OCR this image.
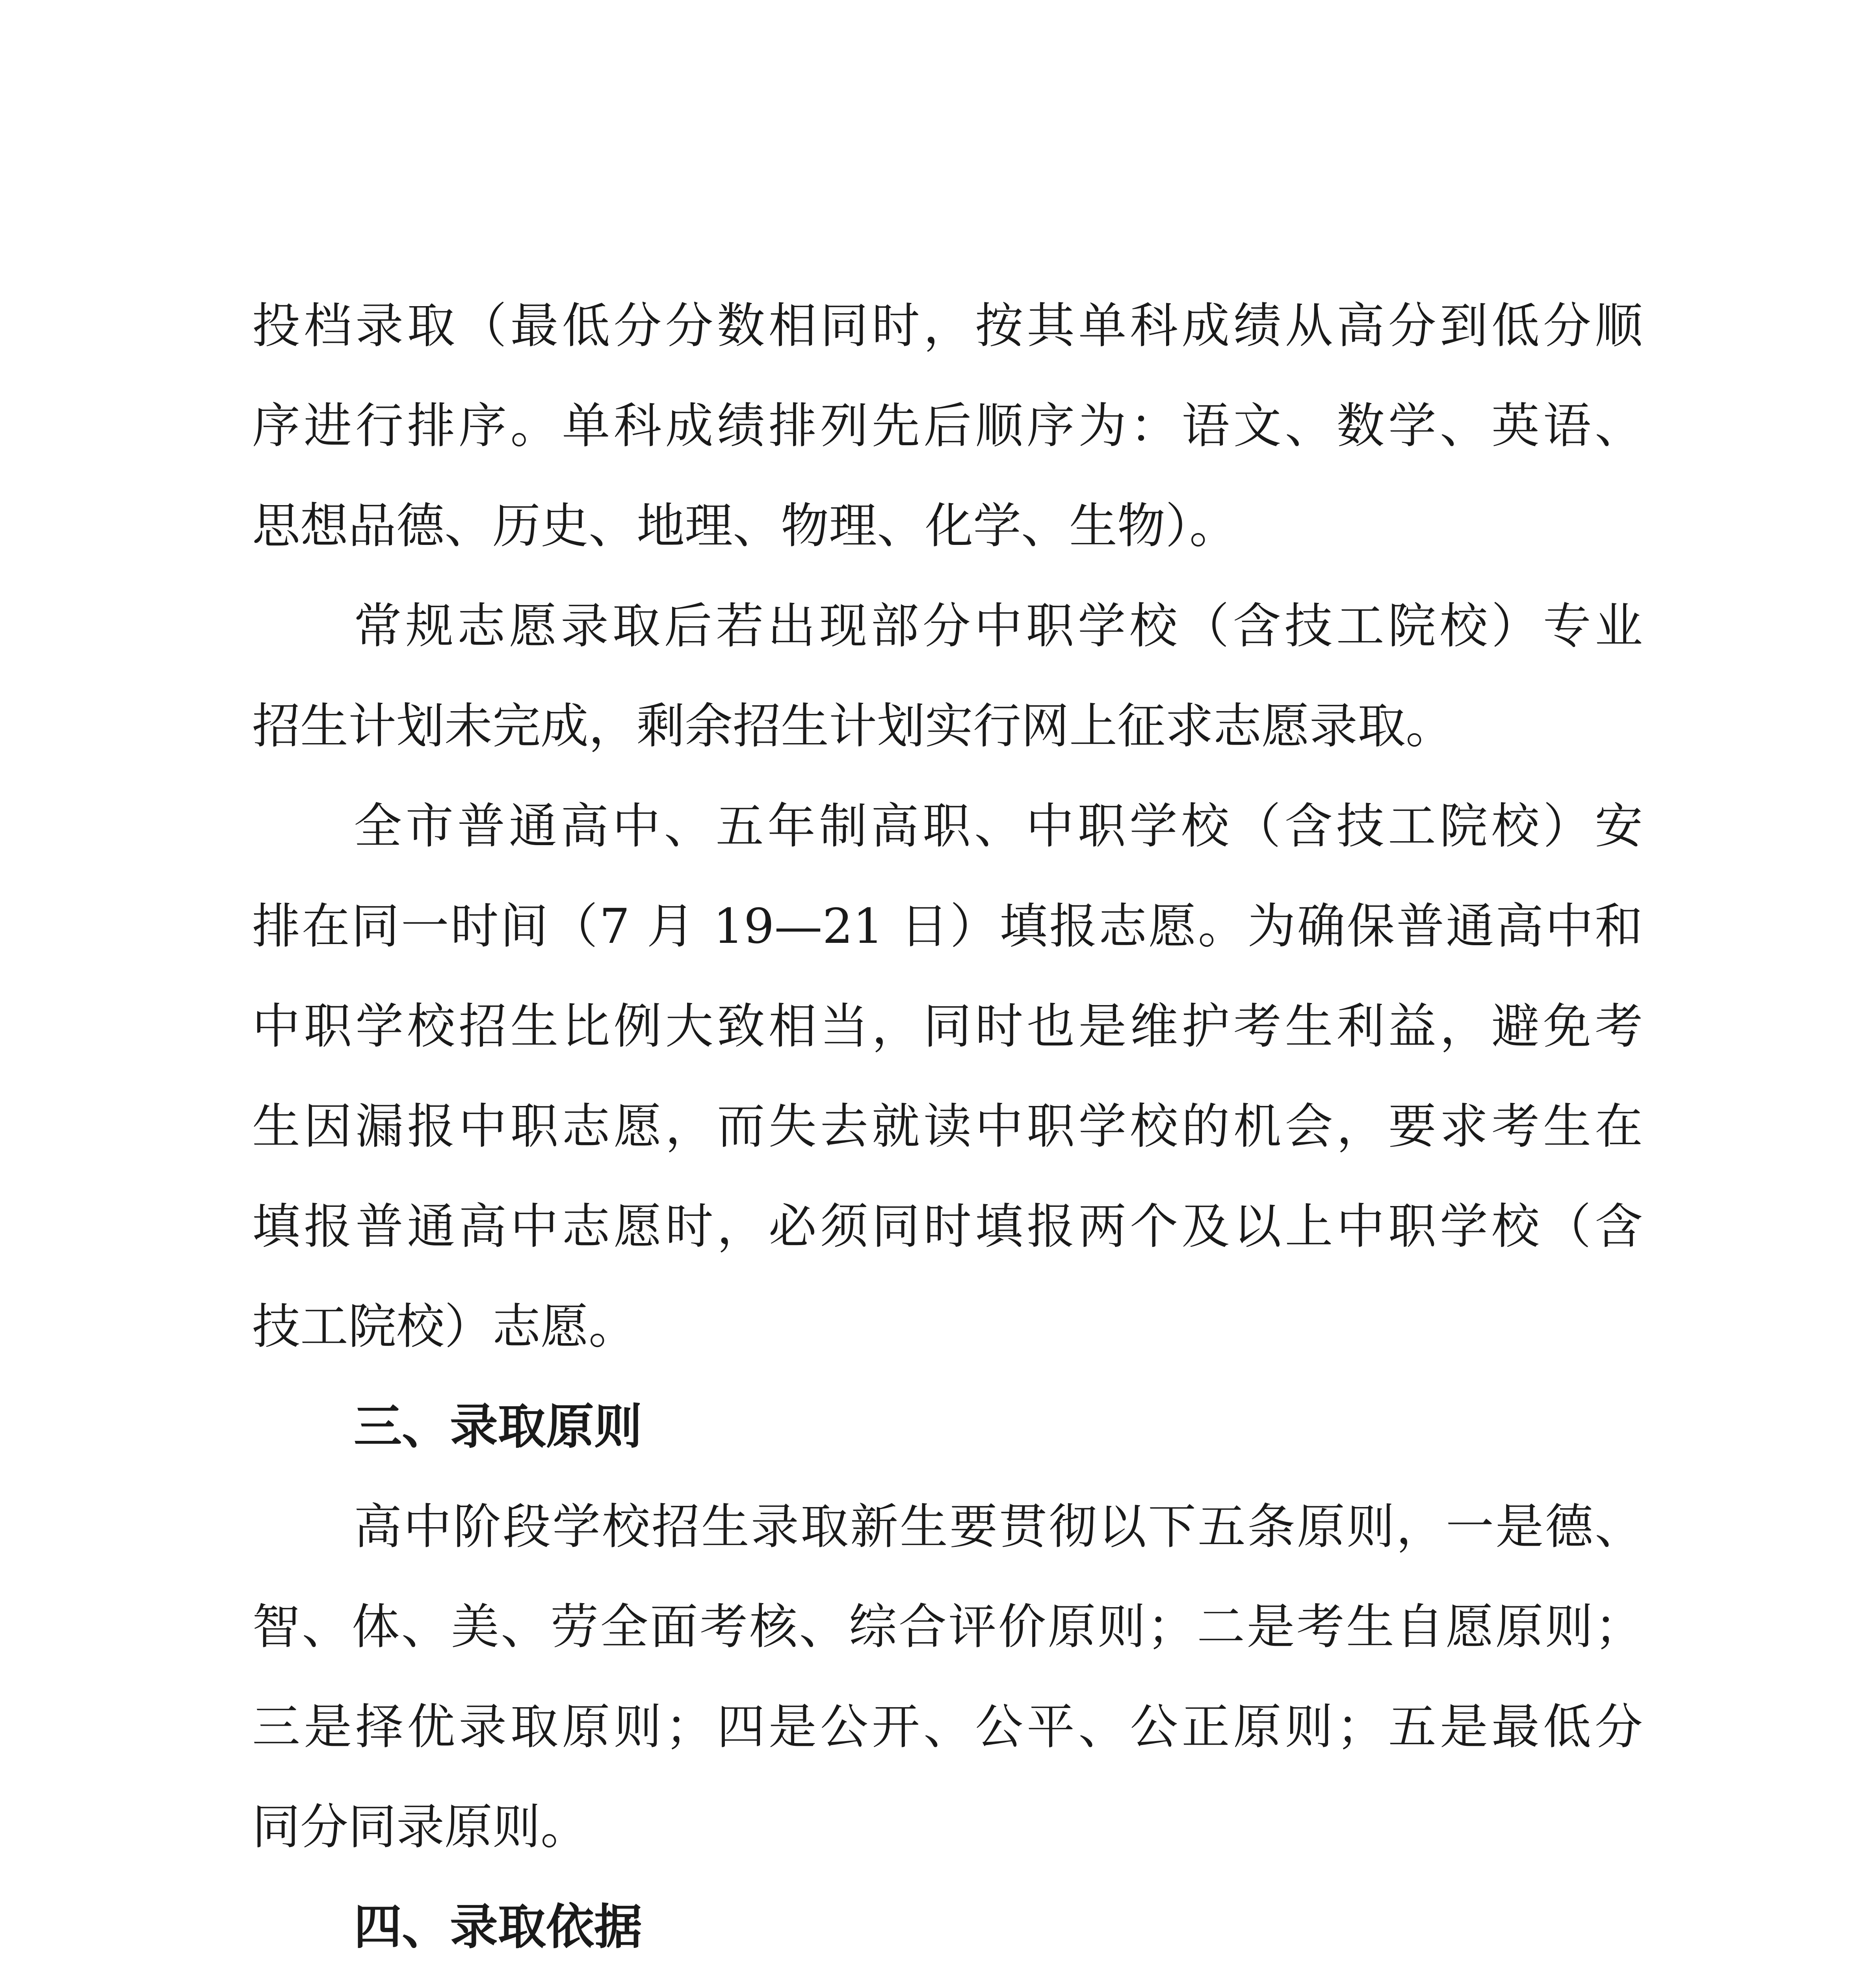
投档录取（最低分分数相同时，按其单科成绩从高分到低分顺
序进行排序。单科成绩排列先后顺序为：语文、数学、英语、
思想品德、历史、地理、物理、化学、生物）。
常规志愿录取后若出现部分中职学校（含技工院校）专业
招生计划未完成，剩余招生计划实行网上征求志愿录取。
全市普通高中、五年制高职、中职学校（含技工院校）安
排在同一时间（7 月 19—21 日）填报志愿。为确保普通高中和
中职学校招生比例大致相当，同时也是维护考生利益，避免考
生因漏报中职志愿，而失去就读中职学校的机会，要求考生在
填报普通高中志愿时，必须同时填报两个及以上中职学校（含
技工院校）志愿。
三、录取原则
高中阶段学校招生录取新生要贯彻以下五条原则，一是德、
智、体、美、劳全面考核、综合评价原则；二是考生自愿原则；
三是择优录取原则；四是公开、公平、公正原则；五是最低分
同分同录原则。
四、录取依据
